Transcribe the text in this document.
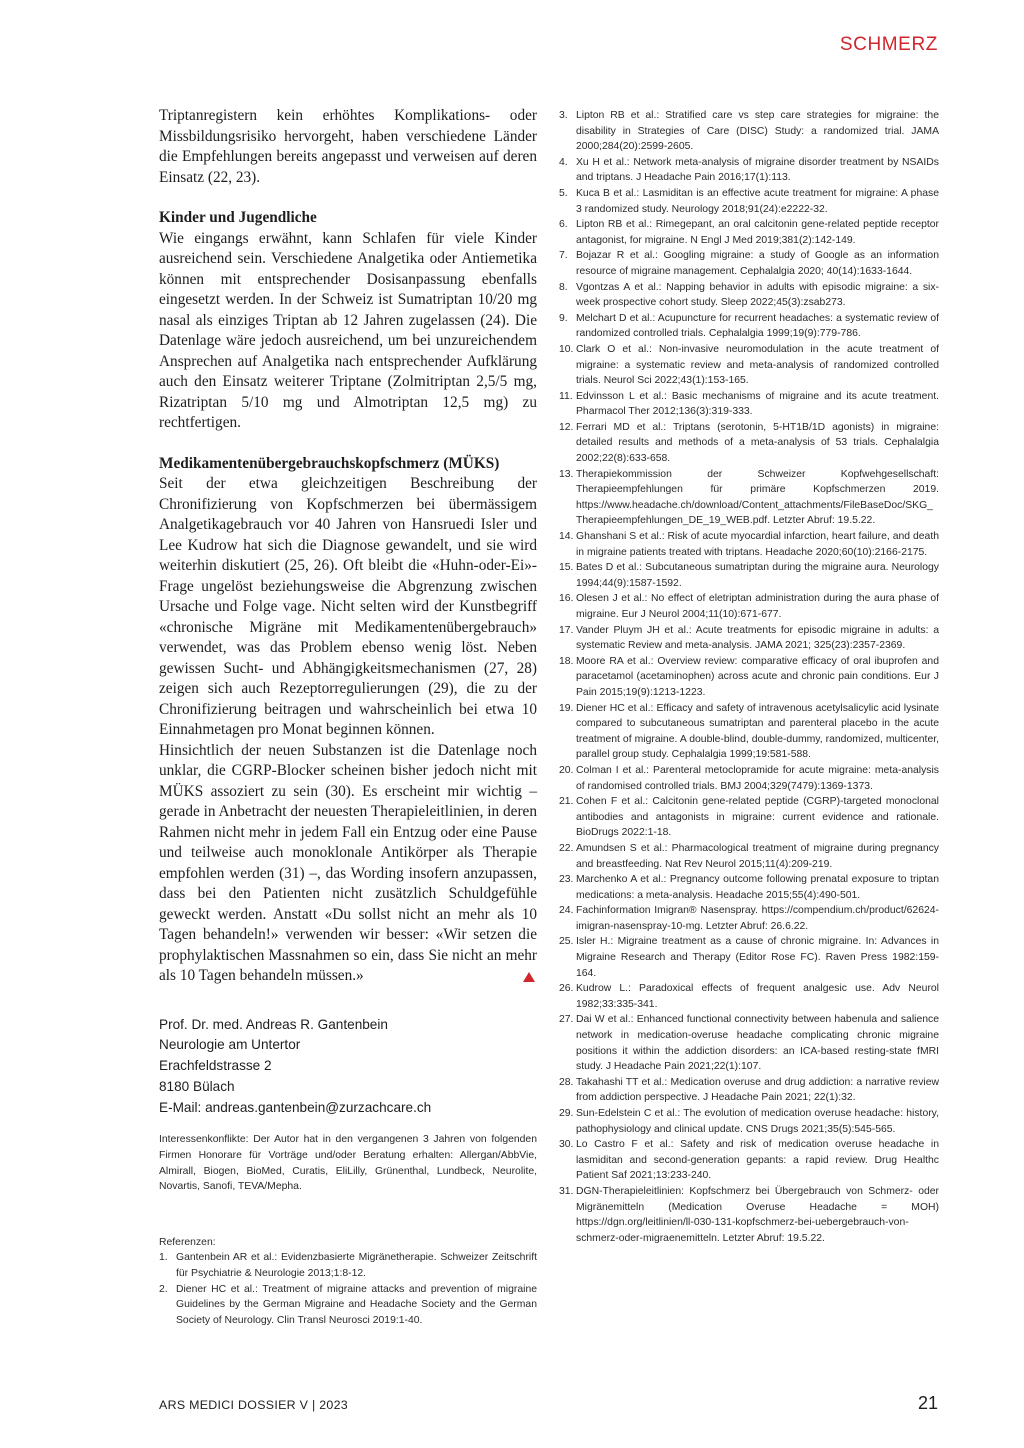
SCHMERZ

Triptanregistern kein erhöhtes Komplikations- oder Missbildungsrisiko hervorgeht, haben verschiedene Länder die Empfehlungen bereits angepasst und verweisen auf deren Einsatz (22, 23).

Kinder und Jugendliche

Wie eingangs erwähnt, kann Schlafen für viele Kinder ausreichend sein. Verschiedene Analgetika oder Antiemetika können mit entsprechender Dosisanpassung ebenfalls eingesetzt werden. In der Schweiz ist Sumatriptan 10/20 mg nasal als einziges Triptan ab 12 Jahren zugelassen (24). Die Datenlage wäre jedoch ausreichend, um bei unzureichendem Ansprechen auf Analgetika nach entsprechender Aufklärung auch den Einsatz weiterer Triptane (Zolmitriptan 2,5/5 mg, Rizatriptan 5/10 mg und Almotriptan 12,5 mg) zu rechtfertigen.

Medikamentenübergebrauchskopfschmerz (MÜKS)

Seit der etwa gleichzeitigen Beschreibung der Chronifizierung von Kopfschmerzen bei übermässigem Analgetikagebrauch vor 40 Jahren von Hansruedi Isler und Lee Kudrow hat sich die Diagnose gewandelt, und sie wird weiterhin diskutiert (25, 26). Oft bleibt die «Huhn-oder-Ei»-Frage ungelöst beziehungsweise die Abgrenzung zwischen Ursache und Folge vage. Nicht selten wird der Kunstbegriff «chronische Migräne mit Medikamentenübergebrauch» verwendet, was das Problem ebenso wenig löst. Neben gewissen Sucht- und Abhängigkeitsmechanismen (27, 28) zeigen sich auch Rezeptorregulierungen (29), die zu der Chronifizierung beitragen und wahrscheinlich bei etwa 10 Einnahmetagen pro Monat beginnen können.

Hinsichtlich der neuen Substanzen ist die Datenlage noch unklar, die CGRP-Blocker scheinen bisher jedoch nicht mit MÜKS assoziert zu sein (30). Es erscheint mir wichtig – gerade in Anbetracht der neuesten Therapieleitlinien, in deren Rahmen nicht mehr in jedem Fall ein Entzug oder eine Pause und teilweise auch monoklonale Antikörper als Therapie empfohlen werden (31) –, das Wording insofern anzupassen, dass bei den Patienten nicht zusätzlich Schuldgefühle geweckt werden. Anstatt «Du sollst nicht an mehr als 10 Tagen behandeln!» verwenden wir besser: «Wir setzen die prophylaktischen Massnahmen so ein, dass Sie nicht an mehr als 10 Tagen behandeln müssen.»

Prof. Dr. med. Andreas R. Gantenbein
Neurologie am Untertor
Erachfeldstrasse 2
8180 Bülach
E-Mail: andreas.gantenbein@zurzachcare.ch
Interessenkonflikte: Der Autor hat in den vergangenen 3 Jahren von folgenden Firmen Honorare für Vorträge und/oder Beratung erhalten: Allergan/AbbVie, Almirall, Biogen, BioMed, Curatis, EliLilly, Grünenthal, Lundbeck, Neurolite, Novartis, Sanofi, TEVA/Mepha.
Referenzen:
1. Gantenbein AR et al.: Evidenzbasierte Migränetherapie. Schweizer Zeitschrift für Psychiatrie & Neurologie 2013;1:8-12.
2. Diener HC et al.: Treatment of migraine attacks and prevention of migraine Guidelines by the German Migraine and Headache Society and the German Society of Neurology. Clin Transl Neurosci 2019:1-40.
3. Lipton RB et al.: Stratified care vs step care strategies for migraine: the disability in Strategies of Care (DISC) Study: a randomized trial. JAMA 2000;284(20):2599-2605.
4. Xu H et al.: Network meta-analysis of migraine disorder treatment by NSAIDs and triptans. J Headache Pain 2016;17(1):113.
5. Kuca B et al.: Lasmiditan is an effective acute treatment for migraine: A phase 3 randomized study. Neurology 2018;91(24):e2222-32.
6. Lipton RB et al.: Rimegepant, an oral calcitonin gene-related peptide receptor antagonist, for migraine. N Engl J Med 2019;381(2):142-149.
7. Bojazar R et al.: Googling migraine: a study of Google as an information resource of migraine management. Cephalalgia 2020; 40(14):1633-1644.
8. Vgontzas A et al.: Napping behavior in adults with episodic migraine: a six-week prospective cohort study. Sleep 2022;45(3):zsab273.
9. Melchart D et al.: Acupuncture for recurrent headaches: a systematic review of randomized controlled trials. Cephalalgia 1999;19(9):779-786.
10. Clark O et al.: Non-invasive neuromodulation in the acute treatment of migraine: a systematic review and meta-analysis of randomized controlled trials. Neurol Sci 2022;43(1):153-165.
11. Edvinsson L et al.: Basic mechanisms of migraine and its acute treatment. Pharmacol Ther 2012;136(3):319-333.
12. Ferrari MD et al.: Triptans (serotonin, 5-HT1B/1D agonists) in migraine: detailed results and methods of a meta-analysis of 53 trials. Cephalalgia 2002;22(8):633-658.
13. Therapiekommission der Schweizer Kopfwehgesellschaft: Therapieempfehlungen für primäre Kopfschmerzen 2019. https://www.headache.ch/download/Content_attachments/FileBaseDoc/SKG_Therapieempfehlungen_DE_19_WEB.pdf. Letzter Abruf: 19.5.22.
14. Ghanshani S et al.: Risk of acute myocardial infarction, heart failure, and death in migraine patients treated with triptans. Headache 2020;60(10):2166-2175.
15. Bates D et al.: Subcutaneous sumatriptan during the migraine aura. Neurology 1994;44(9):1587-1592.
16. Olesen J et al.: No effect of eletriptan administration during the aura phase of migraine. Eur J Neurol 2004;11(10):671-677.
17. Vander Pluym JH et al.: Acute treatments for episodic migraine in adults: a systematic Review and meta-analysis. JAMA 2021; 325(23):2357-2369.
18. Moore RA et al.: Overview review: comparative efficacy of oral ibuprofen and paracetamol (acetaminophen) across acute and chronic pain conditions. Eur J Pain 2015;19(9):1213-1223.
19. Diener HC et al.: Efficacy and safety of intravenous acetylsalicylic acid lysinate compared to subcutaneous sumatriptan and parenteral placebo in the acute treatment of migraine. A double-blind, double-dummy, randomized, multicenter, parallel group study. Cephalalgia 1999;19:581-588.
20. Colman I et al.: Parenteral metoclopramide for acute migraine: meta-analysis of randomised controlled trials. BMJ 2004;329(7479):1369-1373.
21. Cohen F et al.: Calcitonin gene-related peptide (CGRP)-targeted monoclonal antibodies and antagonists in migraine: current evidence and rationale. BioDrugs 2022:1-18.
22. Amundsen S et al.: Pharmacological treatment of migraine during pregnancy and breastfeeding. Nat Rev Neurol 2015;11(4):209-219.
23. Marchenko A et al.: Pregnancy outcome following prenatal exposure to triptan medications: a meta-analysis. Headache 2015;55(4):490-501.
24. Fachinformation Imigran® Nasenspray. https://compendium.ch/product/62624-imigran-nasenspray-10-mg. Letzter Abruf: 26.6.22.
25. Isler H.: Migraine treatment as a cause of chronic migraine. In: Advances in Migraine Research and Therapy (Editor Rose FC). Raven Press 1982:159-164.
26. Kudrow L.: Paradoxical effects of frequent analgesic use. Adv Neurol 1982;33:335-341.
27. Dai W et al.: Enhanced functional connectivity between habenula and salience network in medication-overuse headache complicating chronic migraine positions it within the addiction disorders: an ICA-based resting-state fMRI study. J Headache Pain 2021;22(1):107.
28. Takahashi TT et al.: Medication overuse and drug addiction: a narrative review from addiction perspective. J Headache Pain 2021; 22(1):32.
29. Sun-Edelstein C et al.: The evolution of medication overuse headache: history, pathophysiology and clinical update. CNS Drugs 2021;35(5):545-565.
30. Lo Castro F et al.: Safety and risk of medication overuse headache in lasmiditan and second-generation gepants: a rapid review. Drug Healthc Patient Saf 2021;13:233-240.
31. DGN-Therapieleitlinien: Kopfschmerz bei Übergebrauch von Schmerz- oder Migränemitteln (Medication Overuse Headache = MOH) https://dgn.org/leitlinien/ll-030-131-kopfschmerz-bei-uebergebrauch-von-schmerz-oder-migraenemitteln. Letzter Abruf: 19.5.22.
ARS MEDICI DOSSIER V | 2023	21
